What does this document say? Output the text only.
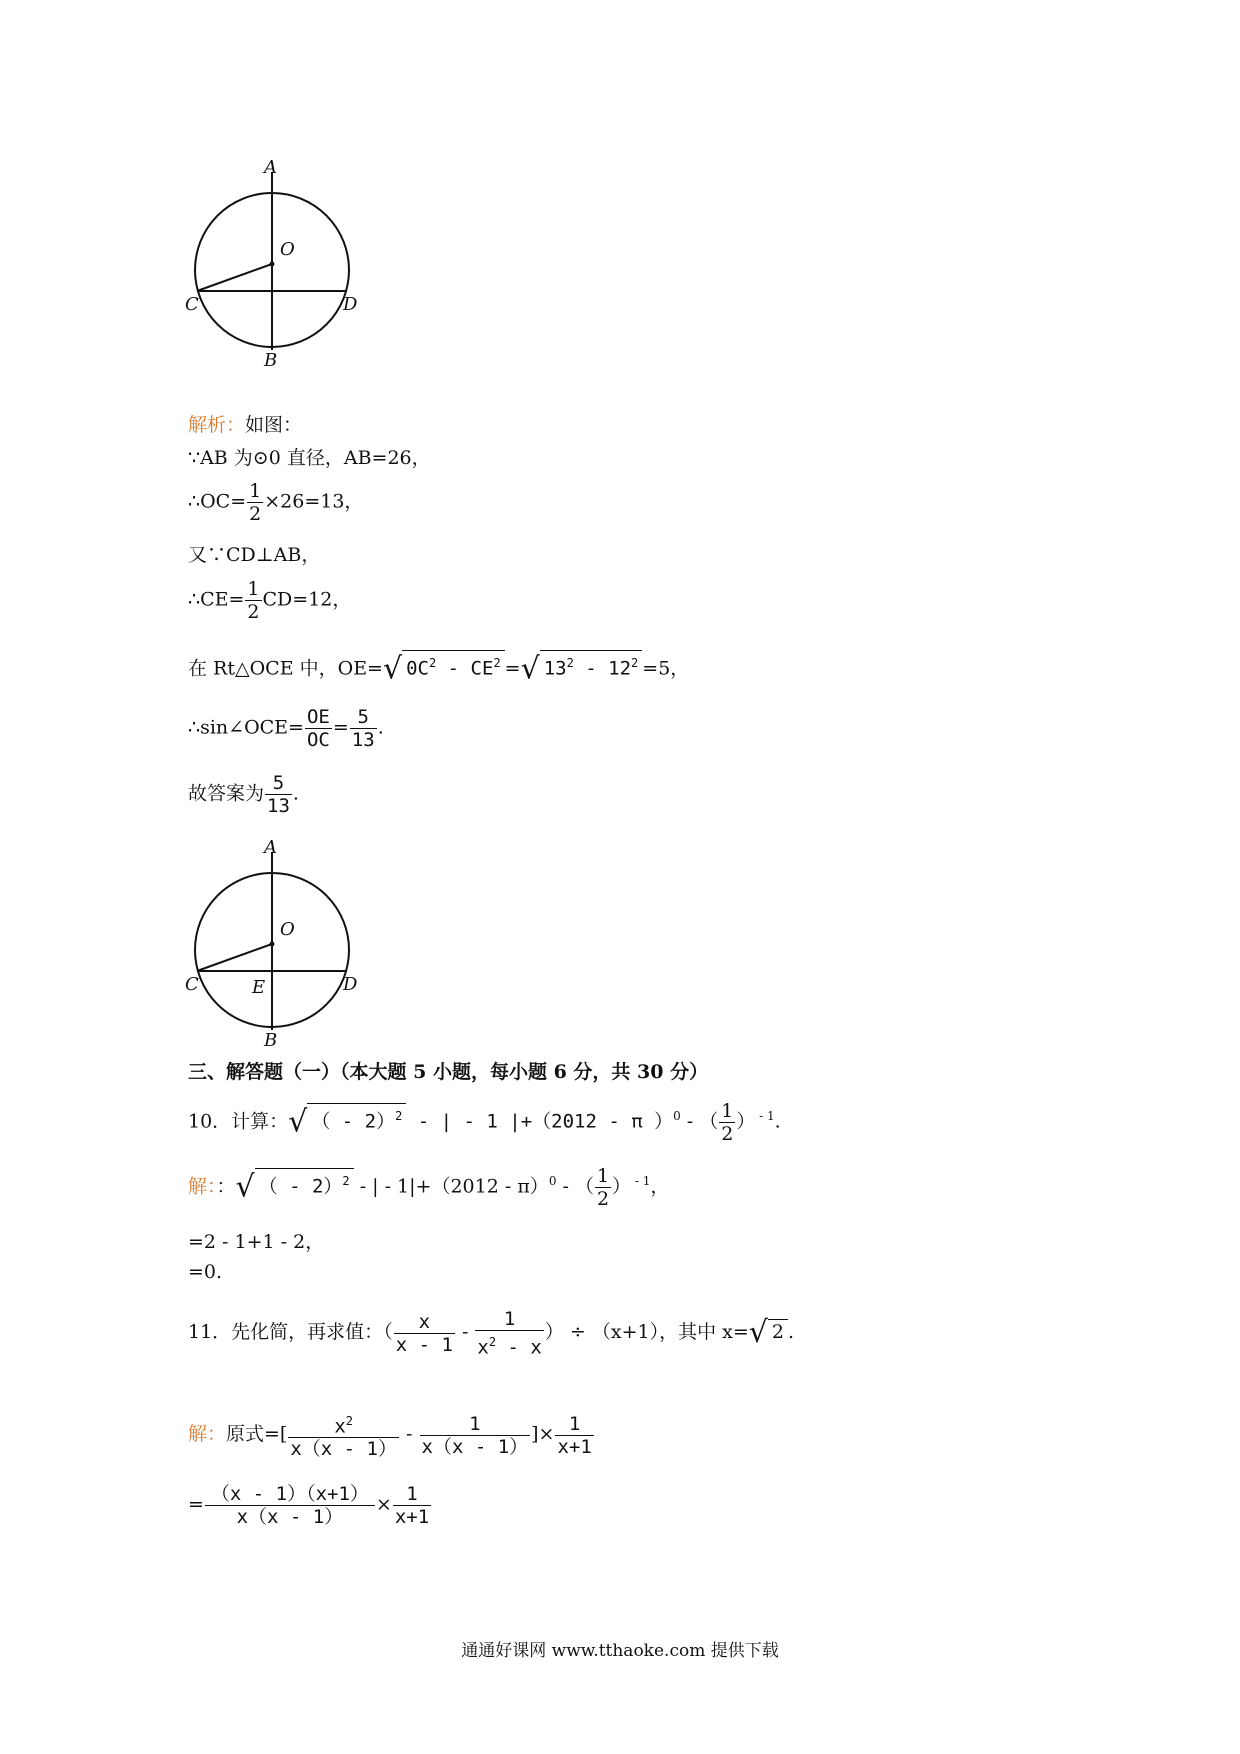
A
O
C	D
B
解析：如图：
∵AB 为⊙0 直径，AB=26，
∴OC= $\frac{1}{2} \times 26=13$，
又∵CD⊥AB，
∴CE= $\frac{1}{2} CD=12$，
在 Rt△OCE 中，OE=√ $0C^2 - CE^2$ =√ $13^2 - 12^2 =5$，
∴sin∠OCE= $\frac{OE}{OC} = \frac{5}{13}$ .
故答案为 $\frac{5}{13}$ .
A
O
C	E	D
B
三、解答题（一）（本大题 5 小题，每小题 6 分，共 30 分）
10．计算：√ （ - 2）$^2$ - | - 1 |+（2012 - π ）$^0$ - （ $\frac{1}{2}$ ） $^{- 1}$.
解：：√ （ - 2）$^2$ - | - 1|+（2012 - π）$^0$ - （ $\frac{1}{2}$ ） $^{- 1}$，
=2 - 1+1 - 2，
=0.
11．先化简，再求值：（ $\frac{x}{x - 1} - \frac{1}{x^2 - x}$ ） ÷ （x+1），其中 x=√ 2 .
解：原式=[ $\frac{x^2}{x(x - 1)} - \frac{1}{x(x - 1)}$ ]× $\frac{1}{x+1}$
= $\frac{(x - 1)(x+1)}{x(x - 1)} \times \frac{1}{x+1}$
通通好课网 www.tthaoke.com 提供下载
